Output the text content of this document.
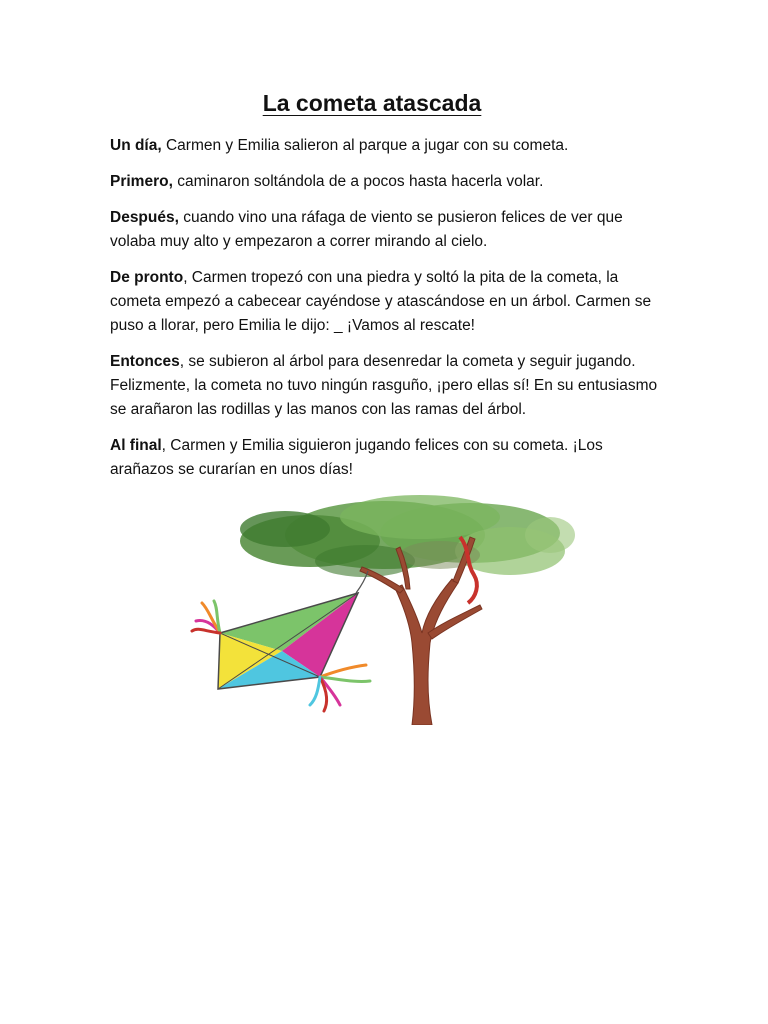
La cometa atascada

Un día, Carmen y Emilia salieron al parque a jugar con su cometa.

Primero, caminaron soltándola de a pocos hasta hacerla volar.

Después, cuando vino una ráfaga de viento se pusieron felices de ver que volaba muy alto y empezaron a correr mirando al cielo.

De pronto, Carmen tropezó con una piedra y soltó la pita de la cometa, la cometa empezó a cabecear cayéndose y atascándose en un árbol. Carmen se puso a llorar, pero Emilia le dijo: _ ¡Vamos al rescate!

Entonces, se subieron al árbol para desenredar la cometa y seguir jugando. Felizmente, la cometa no tuvo ningún rasguño, ¡pero ellas sí! En su entusiasmo se arañaron las rodillas y las manos con las ramas del árbol.

Al final, Carmen y Emilia siguieron jugando felices con su cometa. ¡Los arañazos se curarían en unos días!
